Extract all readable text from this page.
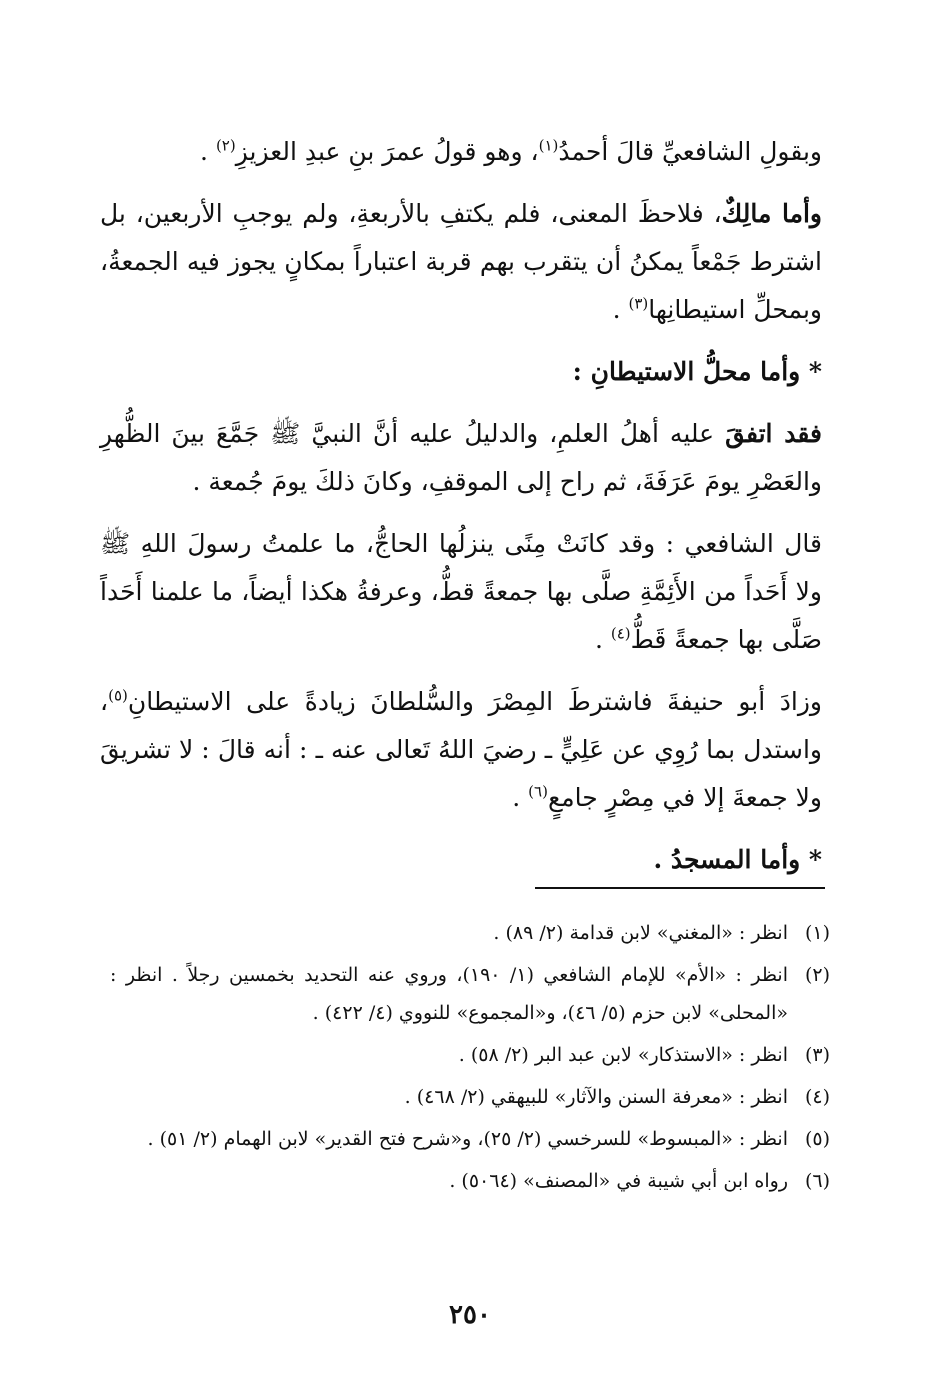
وبقولِ الشافعيِّ قالَ أحمدُ$^{(١)}$، وهو قولُ عمرَ بنِ عبدِ العزيزِ$^{(٢)}$ .

وأما مالِكٌ، فلاحظَ المعنى، فلم يكتفِ بالأربعةِ، ولم يوجبِ الأربعين، بل اشترط جَمْعاً يمكنُ أن يتقرب بهم قربة اعتباراً بمكانٍ يجوز فيه الجمعةُ، وبمحلِّ استيطانِها$^{(٣)}$ .

* وأما محلُّ الاستيطانِ :

فقد اتفقَ عليه أهلُ العلمِ، والدليلُ عليه أنَّ النبيَّ ﷺ جَمَّعَ بينَ الظُّهرِ والعَصْرِ يومَ عَرَفَةَ، ثم راح إلى الموقفِ، وكانَ ذلكَ يومَ جُمعة .

قال الشافعي : وقد كانَتْ مِنًى ينزلُها الحاجُّ، ما علمتُ رسولَ اللهِ ﷺ ولا أَحَداً من الأَئِمَّةِ صلَّى بها جمعةً قطُّ، وعرفةُ هكذا أيضاً، ما علمنا أَحَداً صَلَّى بها جمعةً قَطُّ$^{(٤)}$ .

وزادَ أبو حنيفةَ فاشترطَ المِصْرَ والسُّلطانَ زيادةً على الاستيطانِ$^{(٥)}$، واستدل بما رُوِي عن عَلِيٍّ ـ رضيَ اللهُ تَعالى عنه ـ : أنه قالَ : لا تشريقَ ولا جمعةَ إلا في مِصْرٍ جامعٍ$^{(٦)}$ .

* وأما المسجدُ .

(١)
انظر : «المغني» لابن قدامة (٢/ ٨٩) .
(٢)
انظر : «الأم» للإمام الشافعي (١/ ١٩٠)، وروي عنه التحديد بخمسين رجلاً . انظر : «المحلى» لابن حزم (٥/ ٤٦)، و«المجموع» للنووي (٤/ ٤٢٢) .
(٣)
انظر : «الاستذكار» لابن عبد البر (٢/ ٥٨) .
(٤)
انظر : «معرفة السنن والآثار» للبيهقي (٢/ ٤٦٨) .
(٥)
انظر : «المبسوط» للسرخسي (٢/ ٢٥)، و«شرح فتح القدير» لابن الهمام (٢/ ٥١) .
(٦)
رواه ابن أبي شيبة في «المصنف» (٥٠٦٤) .
٢٥٠
